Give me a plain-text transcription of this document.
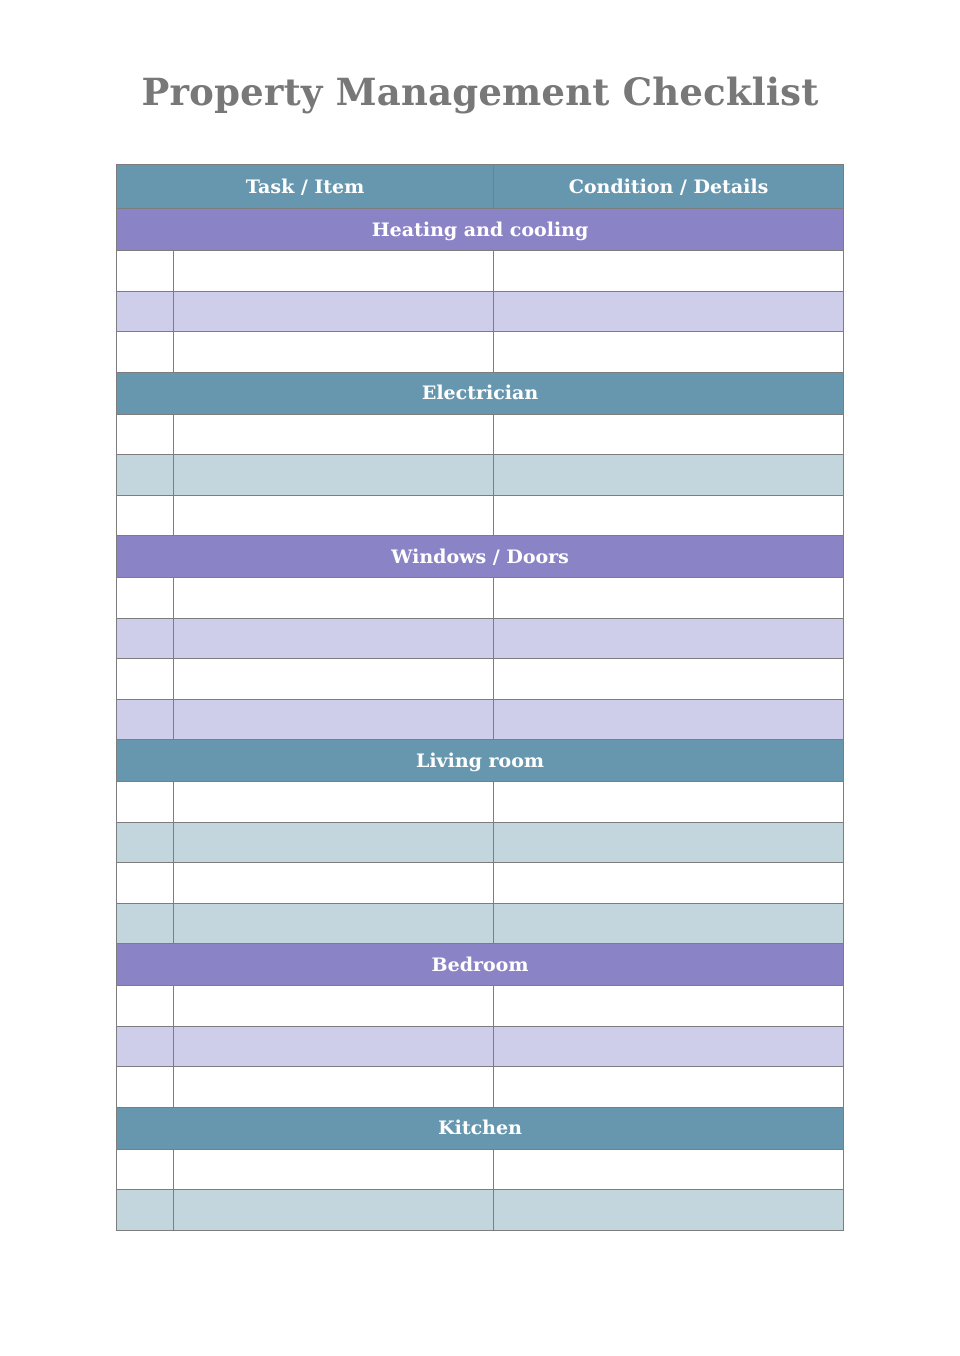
Property Management Checklist
Task / Item		Condition / Details
Heating and cooling		

Electrician		

Windows / Doors		

Living room		

Bedroom		

Kitchen		
